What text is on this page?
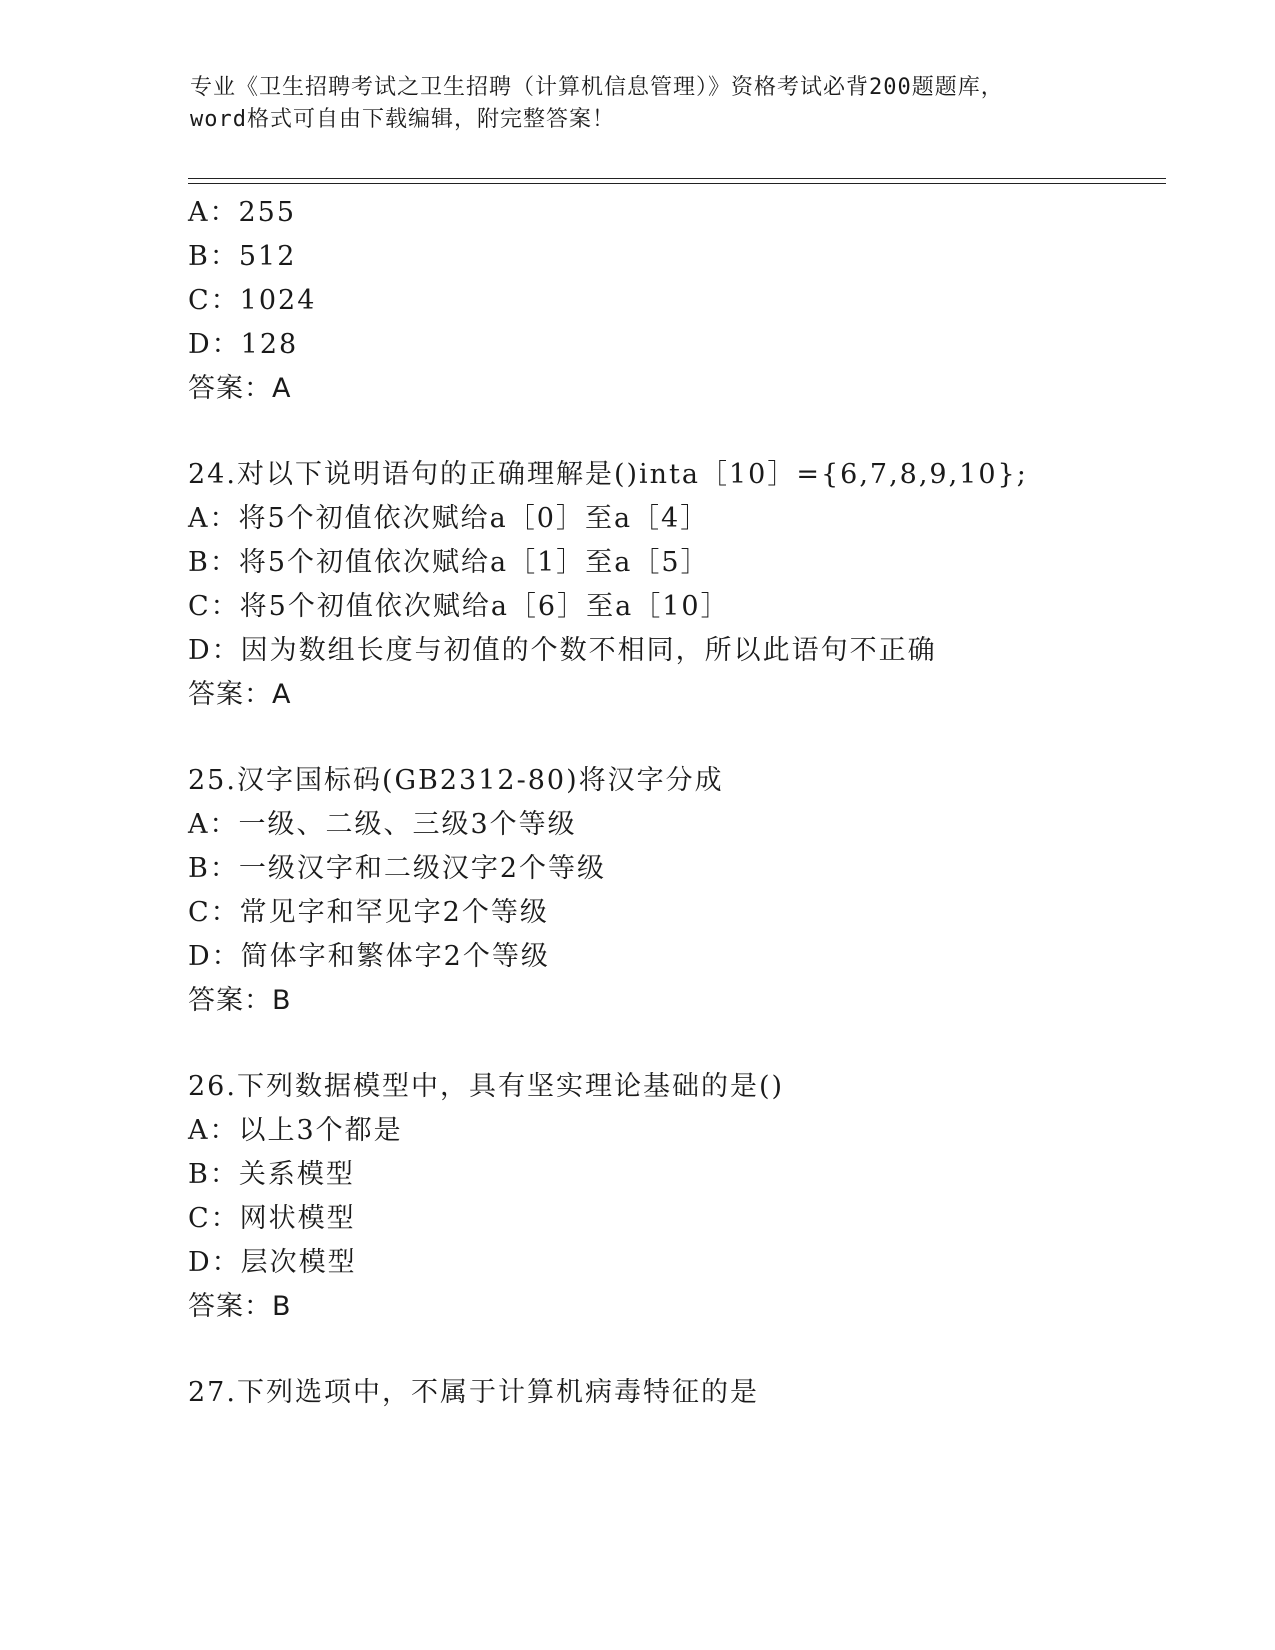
专业《卫生招聘考试之卫生招聘（计算机信息管理）》资格考试必背200题题库，
word格式可自由下载编辑，附完整答案！
A：255
B：512
C：1024
D：128
答案：A
24.对以下说明语句的正确理解是()inta［10］={6,7,8,9,10};
A：将5个初值依次赋给a［0］至a［4］
B：将5个初值依次赋给a［1］至a［5］
C：将5个初值依次赋给a［6］至a［10］
D：因为数组长度与初值的个数不相同，所以此语句不正确
答案：A
25.汉字国标码(GB2312-80)将汉字分成
A：一级、二级、三级3个等级
B：一级汉字和二级汉字2个等级
C：常见字和罕见字2个等级
D：简体字和繁体字2个等级
答案：B
26.下列数据模型中，具有坚实理论基础的是()
A：以上3个都是
B：关系模型
C：网状模型
D：层次模型
答案：B
27.下列选项中，不属于计算机病毒特征的是
